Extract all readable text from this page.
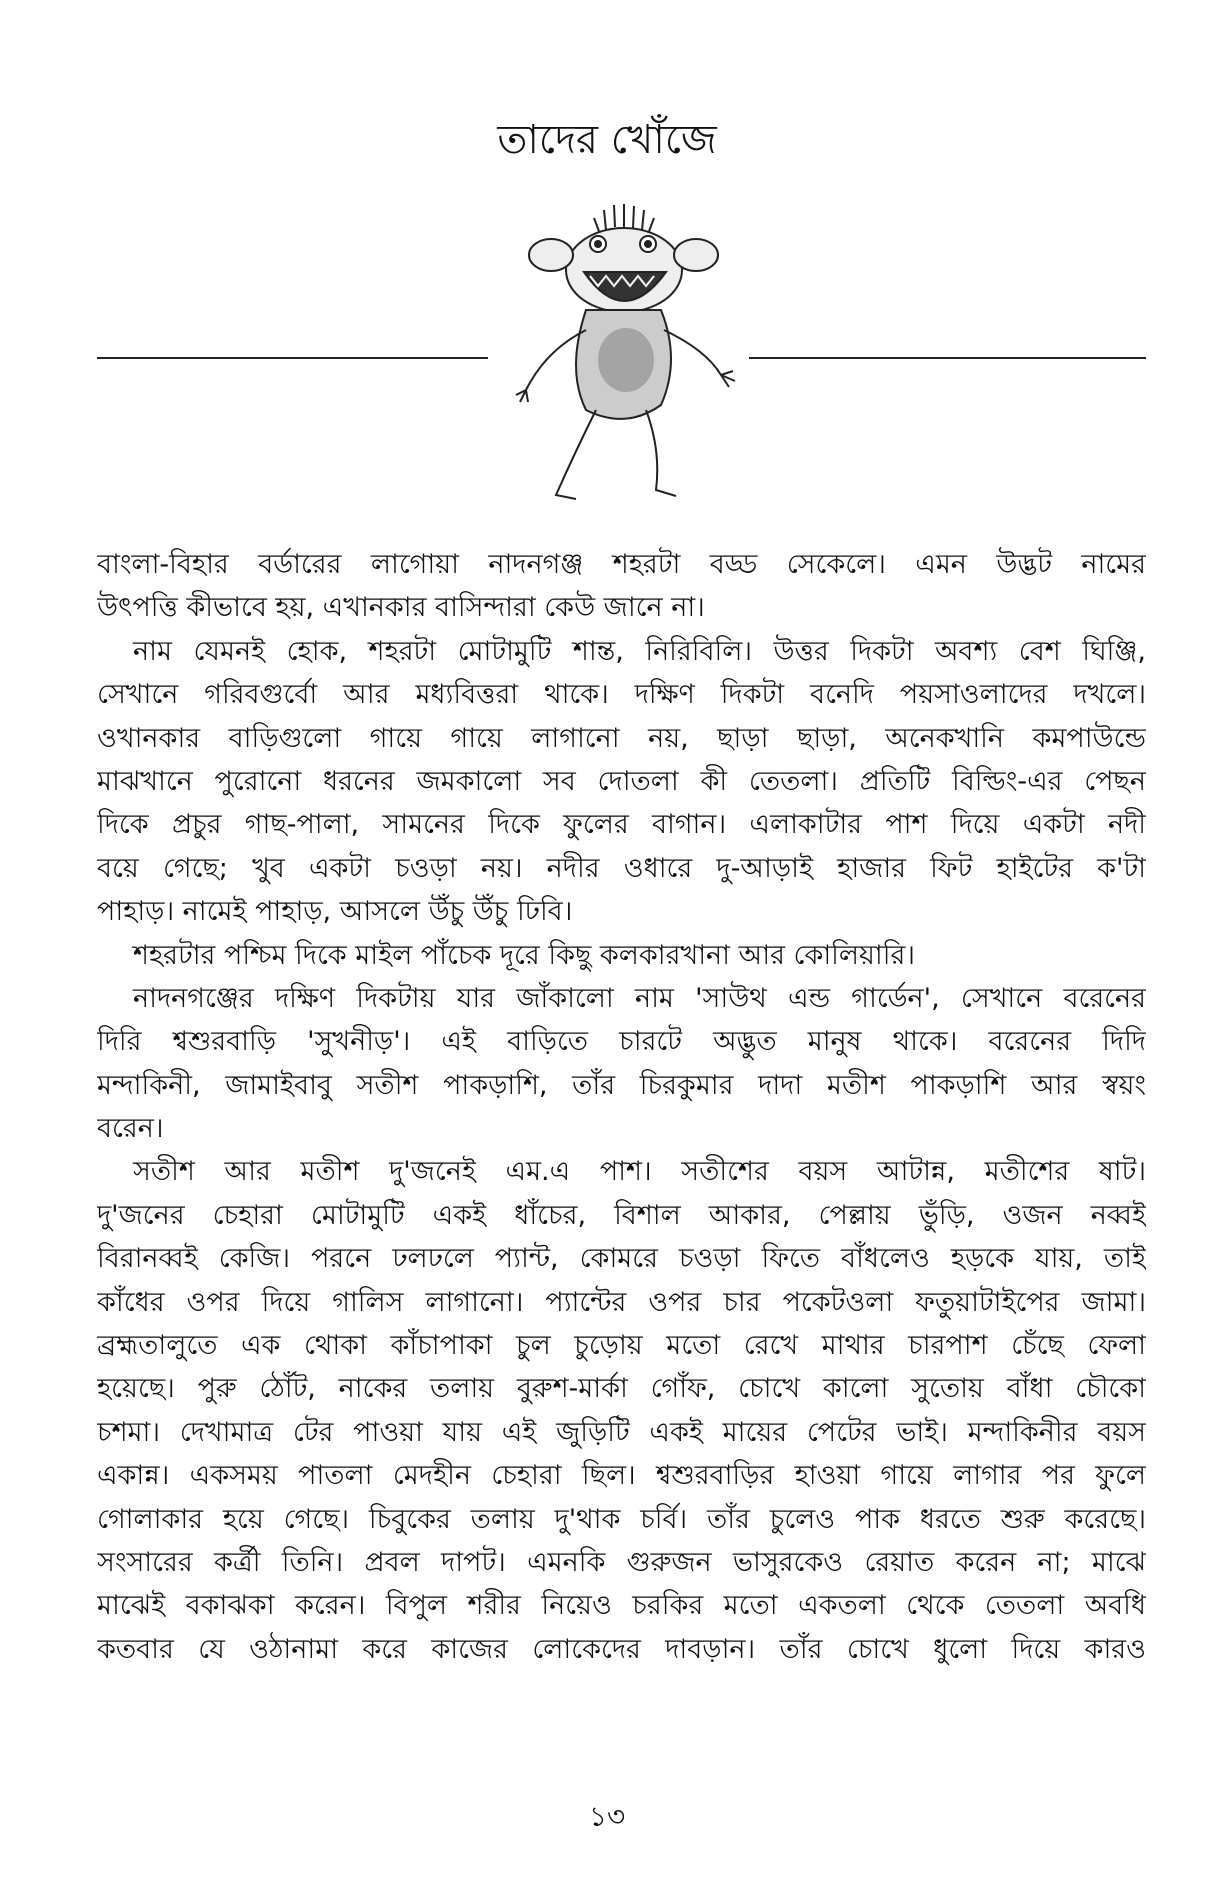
তাদের খোঁজে
বাংলা-বিহার বর্ডারের লাগোয়া নাদনগঞ্জ শহরটা বড্ড সেকেলে। এমন উদ্ভট নামের
উৎপত্তি কীভাবে হয়, এখানকার বাসিন্দারা কেউ জানে না।
নাম যেমনই হোক, শহরটা মোটামুটি শান্ত, নিরিবিলি। উত্তর দিকটা অবশ্য বেশ ঘিঞ্জি,
সেখানে গরিবগুর্বো আর মধ্যবিত্তরা থাকে। দক্ষিণ দিকটা বনেদি পয়সাওলাদের দখলে।
ওখানকার বাড়িগুলো গায়ে গায়ে লাগানো নয়, ছাড়া ছাড়া, অনেকখানি কমপাউন্ডে
মাঝখানে পুরোনো ধরনের জমকালো সব দোতলা কী তেতলা। প্রতিটি বিল্ডিং-এর পেছন
দিকে প্রচুর গাছ-পালা, সামনের দিকে ফুলের বাগান। এলাকাটার পাশ দিয়ে একটা নদী
বয়ে গেছে; খুব একটা চওড়া নয়। নদীর ওধারে দু-আড়াই হাজার ফিট হাইটের ক'টা
পাহাড়। নামেই পাহাড়, আসলে উঁচু উঁচু ঢিবি।
শহরটার পশ্চিম দিকে মাইল পাঁচেক দূরে কিছু কলকারখানা আর কোলিয়ারি।
নাদনগঞ্জের দক্ষিণ দিকটায় যার জাঁকালো নাম 'সাউথ এন্ড গার্ডেন', সেখানে বরেনের
দিরি শ্বশুরবাড়ি 'সুখনীড়'। এই বাড়িতে চারটে অদ্ভুত মানুষ থাকে। বরেনের দিদি
মন্দাকিনী, জামাইবাবু সতীশ পাকড়াশি, তাঁর চিরকুমার দাদা মতীশ পাকড়াশি আর স্বয়ং
বরেন।
সতীশ আর মতীশ দু'জনেই এম.এ পাশ। সতীশের বয়স আটান্ন, মতীশের ষাট।
দু'জনের চেহারা মোটামুটি একই ধাঁচের, বিশাল আকার, পেল্লায় ভুঁড়ি, ওজন নব্বই
বিরানব্বই কেজি। পরনে ঢলঢলে প্যান্ট, কোমরে চওড়া ফিতে বাঁধলেও হড়কে যায়, তাই
কাঁধের ওপর দিয়ে গালিস লাগানো। প্যান্টের ওপর চার পকেটওলা ফতুয়াটাইপের জামা।
ব্রহ্মতালুতে এক থোকা কাঁচাপাকা চুল চুড়োয় মতো রেখে মাথার চারপাশ চেঁছে ফেলা
হয়েছে। পুরু ঠোঁট, নাকের তলায় বুরুশ-মার্কা গোঁফ, চোখে কালো সুতোয় বাঁধা চৌকো
চশমা। দেখামাত্র টের পাওয়া যায় এই জুড়িটি একই মায়ের পেটের ভাই। মন্দাকিনীর বয়স
একান্ন। একসময় পাতলা মেদহীন চেহারা ছিল। শ্বশুরবাড়ির হাওয়া গায়ে লাগার পর ফুলে
গোলাকার হয়ে গেছে। চিবুকের তলায় দু'থাক চর্বি। তাঁর চুলেও পাক ধরতে শুরু করেছে।
সংসারের কর্ত্রী তিনি। প্রবল দাপট। এমনকি গুরুজন ভাসুরকেও রেয়াত করেন না; মাঝে
মাঝেই বকাঝকা করেন। বিপুল শরীর নিয়েও চরকির মতো একতলা থেকে তেতলা অবধি
কতবার যে ওঠানামা করে কাজের লোকেদের দাবড়ান। তাঁর চোখে ধুলো দিয়ে কারও
১৩
